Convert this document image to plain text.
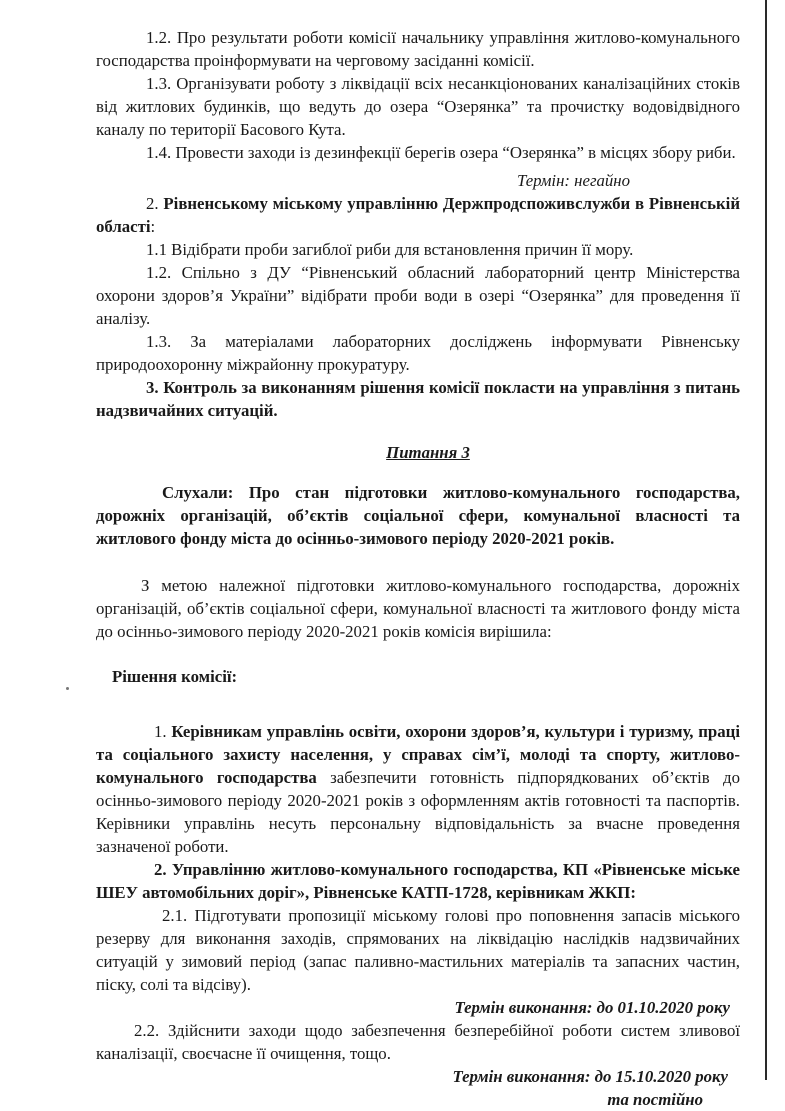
1.2. Про результати роботи комісії начальнику управління житлово-комунального господарства проінформувати на черговому засіданні комісії.

1.3. Організувати роботу з ліквідації всіх несанкціонованих каналізаційних стоків від житлових будинків, що ведуть до озера “Озерянка” та прочистку водовідвідного каналу по території Басового Кута.

1.4. Провести заходи із дезинфекції берегів озера “Озерянка” в місцях збору риби.

Термін: негайно

2. Рівненському міському управлінню Держпродспоживслужби в Рівненській області:

1.1 Відібрати проби загиблої риби для встановлення причин її мору.

1.2. Спільно з ДУ “Рівненський обласний лабораторний центр Міністерства охорони здоров’я України” відібрати проби води в озері “Озерянка” для проведення її аналізу.

1.3. За матеріалами лабораторних досліджень інформувати Рівненську природоохоронну міжрайонну прокуратуру.

3. Контроль за виконанням рішення комісії покласти на управління з питань надзвичайних ситуацій.

Питання 3

Слухали: Про стан підготовки житлово-комунального господарства, дорожніх організацій, об’єктів соціальної сфери, комунальної власності та житлового фонду міста до осінньо-зимового періоду 2020-2021 років.

З метою належної підготовки житлово-комунального господарства, дорожніх організацій, об’єктів соціальної сфери, комунальної власності та житлового фонду міста до осінньо-зимового періоду 2020-2021 років комісія вирішила:

Рішення комісії:

1. Керівникам управлінь освіти, охорони здоров’я, культури і туризму, праці та соціального захисту населення, у справах сім’ї, молоді та спорту, житлово-комунального господарства забезпечити готовність підпорядкованих об’єктів до осінньо-зимового періоду 2020-2021 років з оформленням актів готовності та паспортів. Керівники управлінь несуть персональну відповідальність за вчасне проведення зазначеної роботи.

2. Управлінню житлово-комунального господарства, КП «Рівненське міське ШЕУ автомобільних доріг», Рівненське КАТП-1728, керівникам ЖКП:

2.1. Підготувати пропозиції міському голові про поповнення запасів міського резерву для виконання заходів, спрямованих на ліквідацію наслідків надзвичайних ситуацій у зимовий період (запас паливно-мастильних матеріалів та запасних частин, піску, солі та відсіву).

Термін виконання: до 01.10.2020 року

2.2. Здійснити заходи щодо забезпечення безперебійної роботи систем зливової каналізації, своєчасне її очищення, тощо.

Термін виконання: до 15.10.2020 року

та постійно
